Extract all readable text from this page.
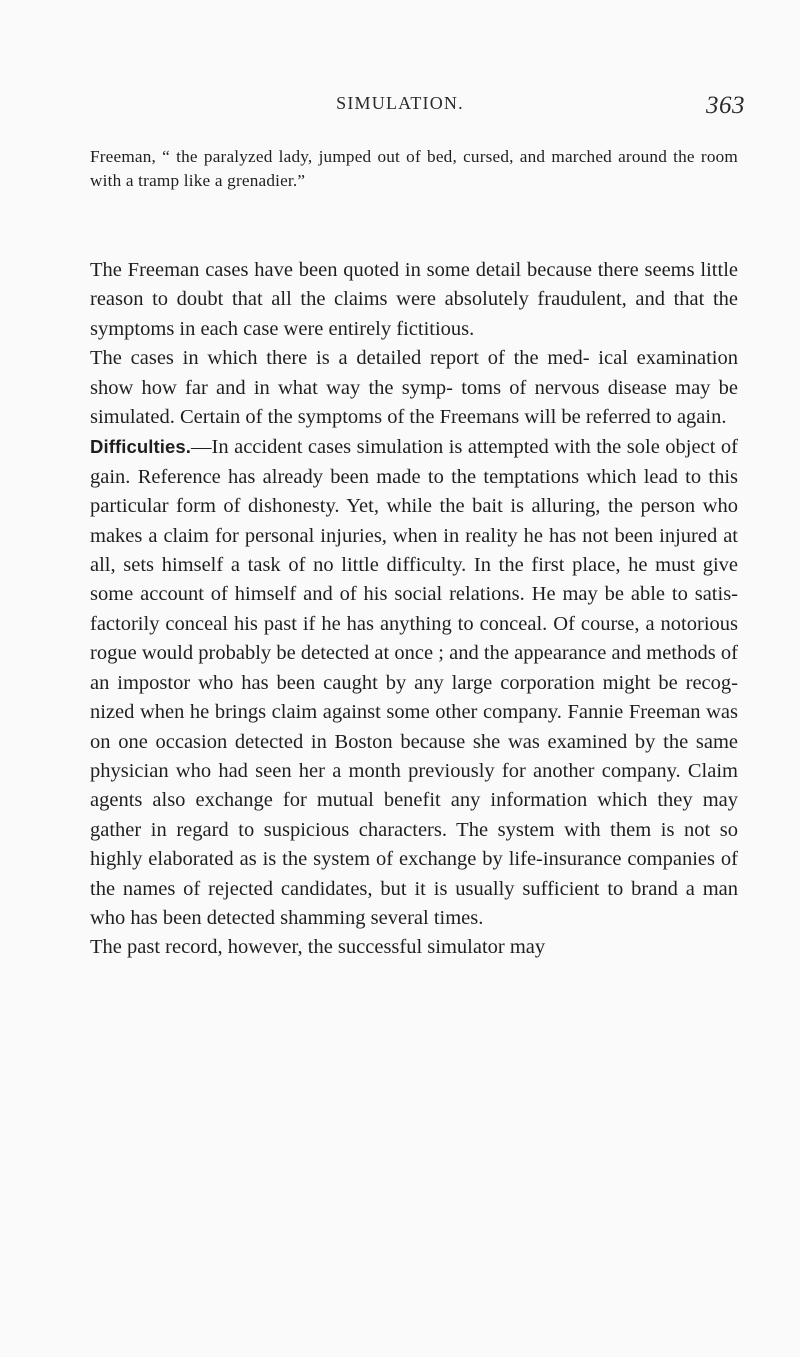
SIMULATION.	363
Freeman, “ the paralyzed lady, jumped out of bed, cursed, and marched around the room with a tramp like a grenadier.”

The Freeman cases have been quoted in some detail because there seems little reason to doubt that all the claims were absolutely fraudulent, and that the symptoms in each case were entirely fictitious.

The cases in which there is a detailed report of the med- ical examination show how far and in what way the symp- toms of nervous disease may be simulated. Certain of the symptoms of the Freemans will be referred to again.

Difficulties.—In accident cases simulation is attempted with the sole object of gain. Reference has already been made to the temptations which lead to this particular form of dishonesty. Yet, while the bait is alluring, the person who makes a claim for personal injuries, when in reality he has not been injured at all, sets himself a task of no little difficulty. In the first place, he must give some account of himself and of his social relations. He may be able to satis- factorily conceal his past if he has anything to conceal. Of course, a notorious rogue would probably be detected at once ; and the appearance and methods of an impostor who has been caught by any large corporation might be recog- nized when he brings claim against some other company. Fannie Freeman was on one occasion detected in Boston because she was examined by the same physician who had seen her a month previously for another company. Claim agents also exchange for mutual benefit any information which they may gather in regard to suspicious characters. The system with them is not so highly elaborated as is the system of exchange by life-insurance companies of the names of rejected candidates, but it is usually sufficient to brand a man who has been detected shamming several times.

The past record, however, the successful simulator may
